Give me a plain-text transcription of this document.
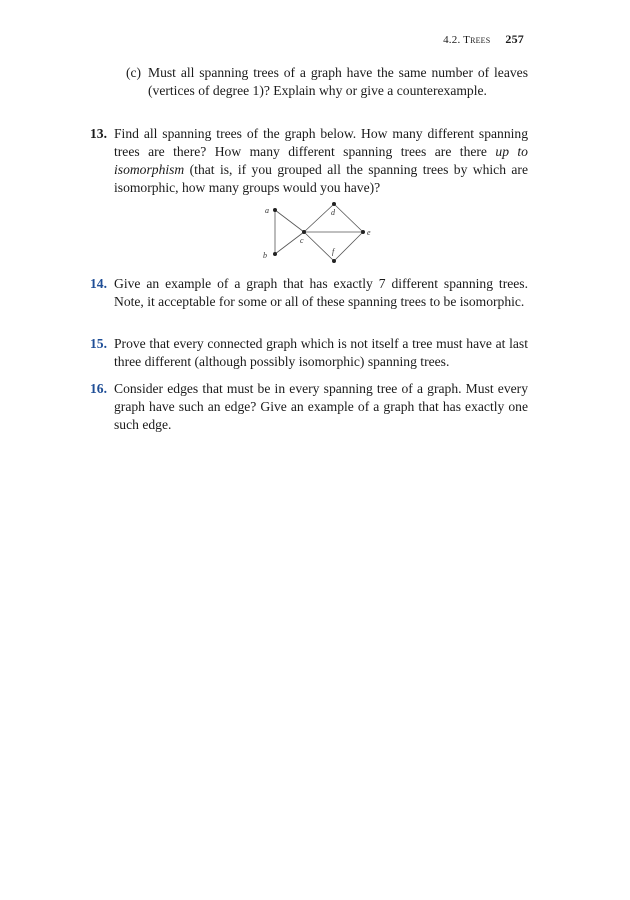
4.2. Trees 257
(c) Must all spanning trees of a graph have the same number of leaves (vertices of degree 1)? Explain why or give a counterexample.
13. Find all spanning trees of the graph below. How many different spanning trees are there? How many different spanning trees are there up to isomorphism (that is, if you grouped all the spanning trees by which are isomorphic, how many groups would you have)?
a
b
c
d
e
f
14. Give an example of a graph that has exactly 7 different spanning trees. Note, it acceptable for some or all of these spanning trees to be isomorphic.
15. Prove that every connected graph which is not itself a tree must have at last three different (although possibly isomorphic) spanning trees.
16. Consider edges that must be in every spanning tree of a graph. Must every graph have such an edge? Give an example of a graph that has exactly one such edge.
